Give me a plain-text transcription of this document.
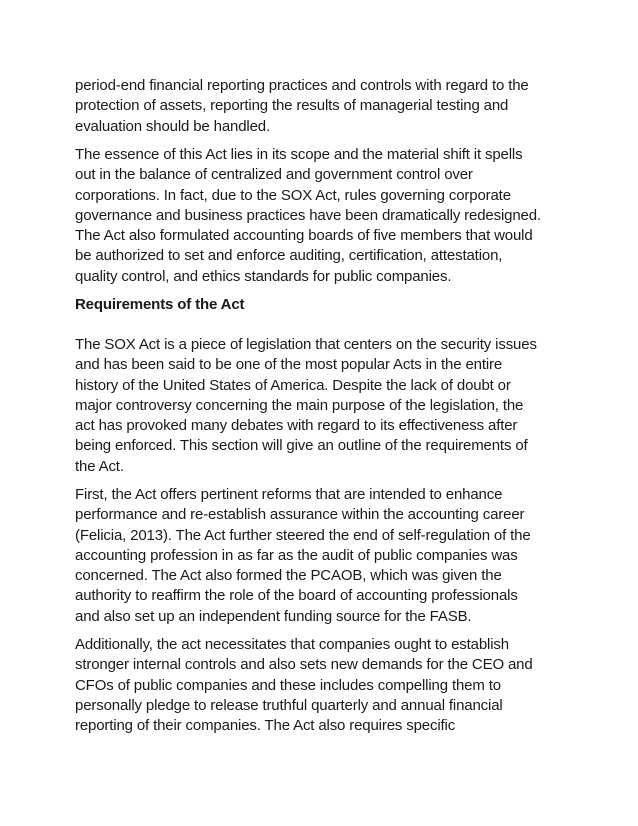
period-end financial reporting practices and controls with regard to the
protection of assets, reporting the results of managerial testing and
evaluation should be handled.
The essence of this Act lies in its scope and the material shift it spells
out in the balance of centralized and government control over
corporations. In fact, due to the SOX Act, rules governing corporate
governance and business practices have been dramatically redesigned.
The Act also formulated accounting boards of five members that would
be authorized to set and enforce auditing, certification, attestation,
quality control, and ethics standards for public companies.
Requirements of the Act
The SOX Act is a piece of legislation that centers on the security issues
and has been said to be one of the most popular Acts in the entire
history of the United States of America. Despite the lack of doubt or
major controversy concerning the main purpose of the legislation, the
act has provoked many debates with regard to its effectiveness after
being enforced. This section will give an outline of the requirements of
the Act.
First, the Act offers pertinent reforms that are intended to enhance
performance and re-establish assurance within the accounting career
(Felicia, 2013). The Act further steered the end of self-regulation of the
accounting profession in as far as the audit of public companies was
concerned. The Act also formed the PCAOB, which was given the
authority to reaffirm the role of the board of accounting professionals
and also set up an independent funding source for the FASB.
Additionally, the act necessitates that companies ought to establish
stronger internal controls and also sets new demands for the CEO and
CFOs of public companies and these includes compelling them to
personally pledge to release truthful quarterly and annual financial
reporting of their companies. The Act also requires specific
